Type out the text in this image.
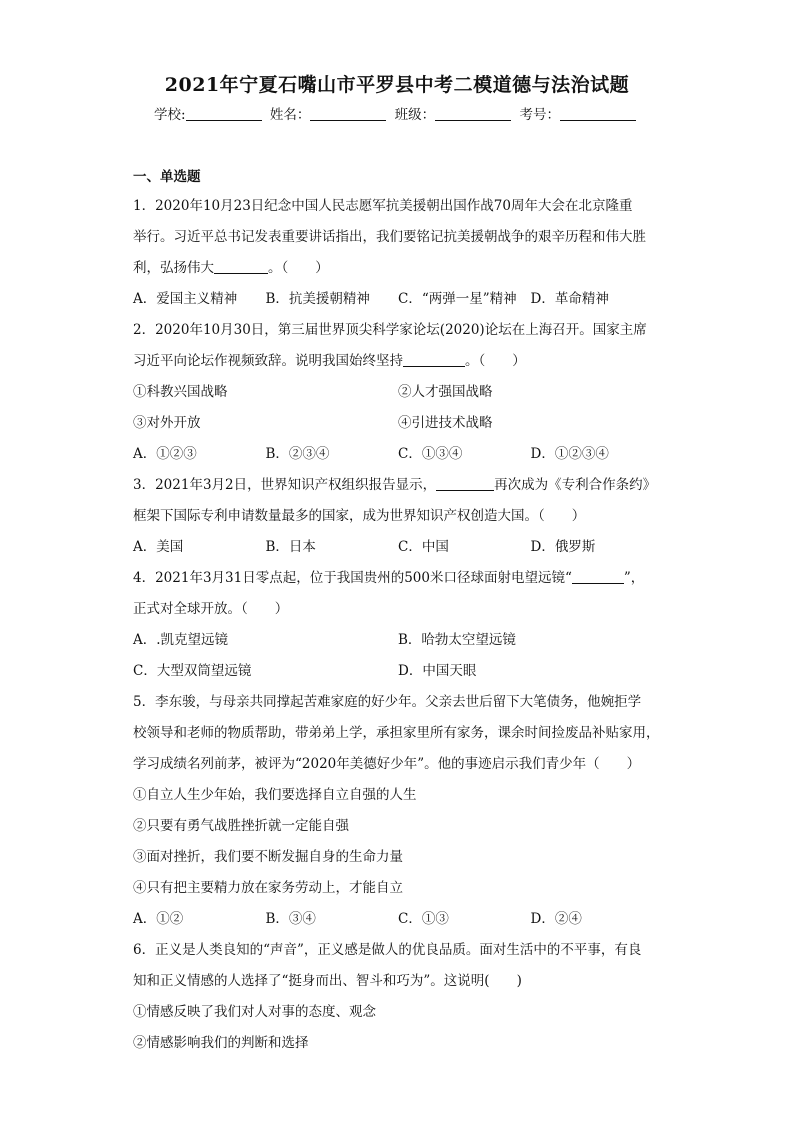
2021年宁夏石嘴山市平罗县中考二模道德与法治试题
学校:	姓名：	班级：	考号：
一、单选题

1．2020年10月23日纪念中国人民志愿军抗美援朝出国作战70周年大会在北京隆重

举行。习近平总书记发表重要讲话指出，我们要铭记抗美援朝战争的艰辛历程和伟大胜

利，弘扬伟大	。（　　）

A．爱国主义精神	B．抗美援朝精神	C．“两弹一星”精神	D．革命精神

2．2020年10月30日，第三届世界顶尖科学家论坛(2020)论坛在上海召开。国家主席

习近平向论坛作视频致辞。说明我国始终坚持	。（　　）

①科教兴国战略	②人才强国战略
③对外开放	④引进技术战略
A．①②③	B．②③④	C．①③④	D．①②③④

3．2021年3月2日，世界知识产权组织报告显示，	再次成为《专利合作条约》

框架下国际专利申请数量最多的国家，成为世界知识产权创造大国。（　　）

A．美国	B．日本	C．中国	D．俄罗斯

4．2021年3月31日零点起，位于我国贵州的500米口径球面射电望远镜“	”，

正式对全球开放。（　　）

A．.凯克望远镜	B．哈勃太空望远镜
C．大型双筒望远镜	D．中国天眼

5．李东骏，与母亲共同撑起苦难家庭的好少年。父亲去世后留下大笔债务，他婉拒学

校领导和老师的物质帮助，带弟弟上学，承担家里所有家务，课余时间捡废品补贴家用，

学习成绩名列前茅，被评为“2020年美德好少年”。他的事迹启示我们青少年（　　）

①自立人生少年始，我们要选择自立自强的人生

②只要有勇气战胜挫折就一定能自强

③面对挫折，我们要不断发掘自身的生命力量

④只有把主要精力放在家务劳动上，才能自立

A．①②	B．③④	C．①③	D．②④

6．正义是人类良知的“声音”，正义感是做人的优良品质。面对生活中的不平事，有良

知和正义情感的人选择了“挺身而出、智斗和巧为”。这说明(　　)

①情感反映了我们对人对事的态度、观念

②情感影响我们的判断和选择
